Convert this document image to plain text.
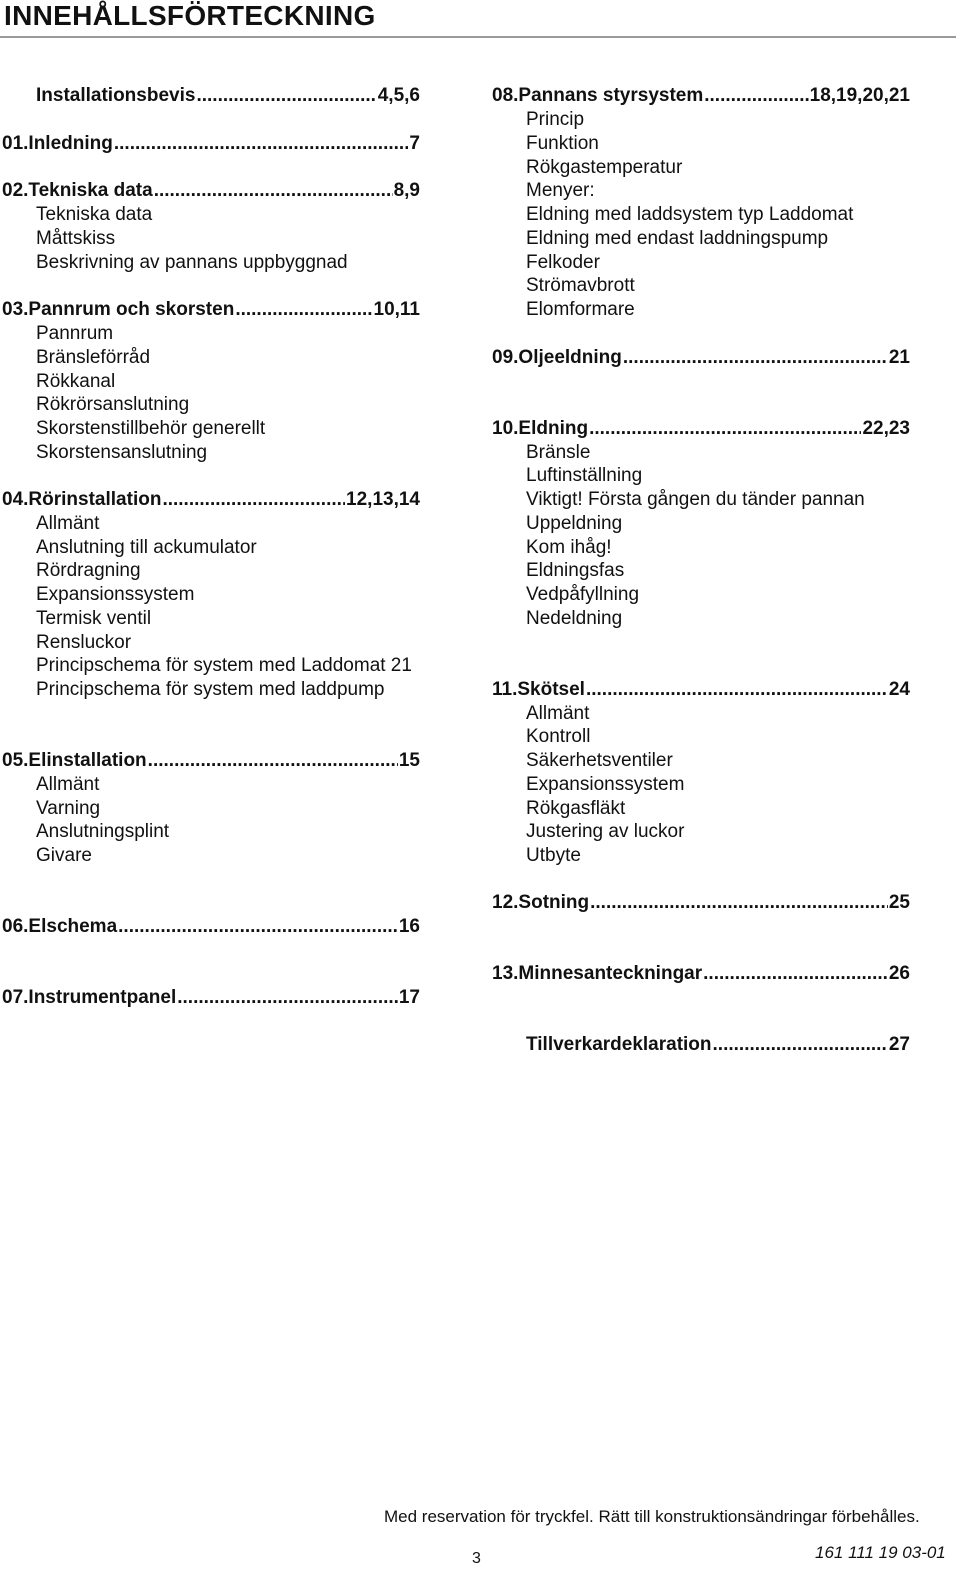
INNEHÅLLSFÖRTECKNING
Installationsbevis .....	4,5,6
01. Inledning .....	7
02. Tekniska data .....	8,9
Tekniska data
Måttskiss
Beskrivning av pannans uppbyggnad
03. Pannrum och skorsten .....	10,11
Pannrum
Bränsleförråd
Rökkanal
Rökrörsanslutning
Skorstenstillbehör generellt
Skorstensanslutning
04. Rörinstallation .....	12,13,14
Allmänt
Anslutning till ackumulator
Rördragning
Expansionssystem
Termisk ventil
Rensluckor
Principschema för system med Laddomat 21
Principschema för system med laddpump
05. Elinstallation .....	15
Allmänt
Varning
Anslutningsplint
Givare
06. Elschema .....	16
07. Instrumentpanel .....	17
08. Pannans styrsystem .....	18,19,20,21
Princip
Funktion
Rökgastemperatur
Menyer:
Eldning med laddsystem typ Laddomat
Eldning med endast laddningspump
Felkoder
Strömavbrott
Elomformare
09. Oljeeldning .....	21
10. Eldning .....	22,23
Bränsle
Luftinställning
Viktigt! Första gången du tänder pannan
Uppeldning
Kom ihåg!
Eldningsfas
Vedpåfyllning
Nedeldning
11. Skötsel .....	24
Allmänt
Kontroll
Säkerhetsventiler
Expansionssystem
Rökgasfläkt
Justering av luckor
Utbyte
12. Sotning .....	25
13. Minnesanteckningar .....	26
Tillverkardeklaration .....	27
Med reservation för tryckfel. Rätt till konstruktionsändringar förbehålles.
3	161 111 19 03-01
